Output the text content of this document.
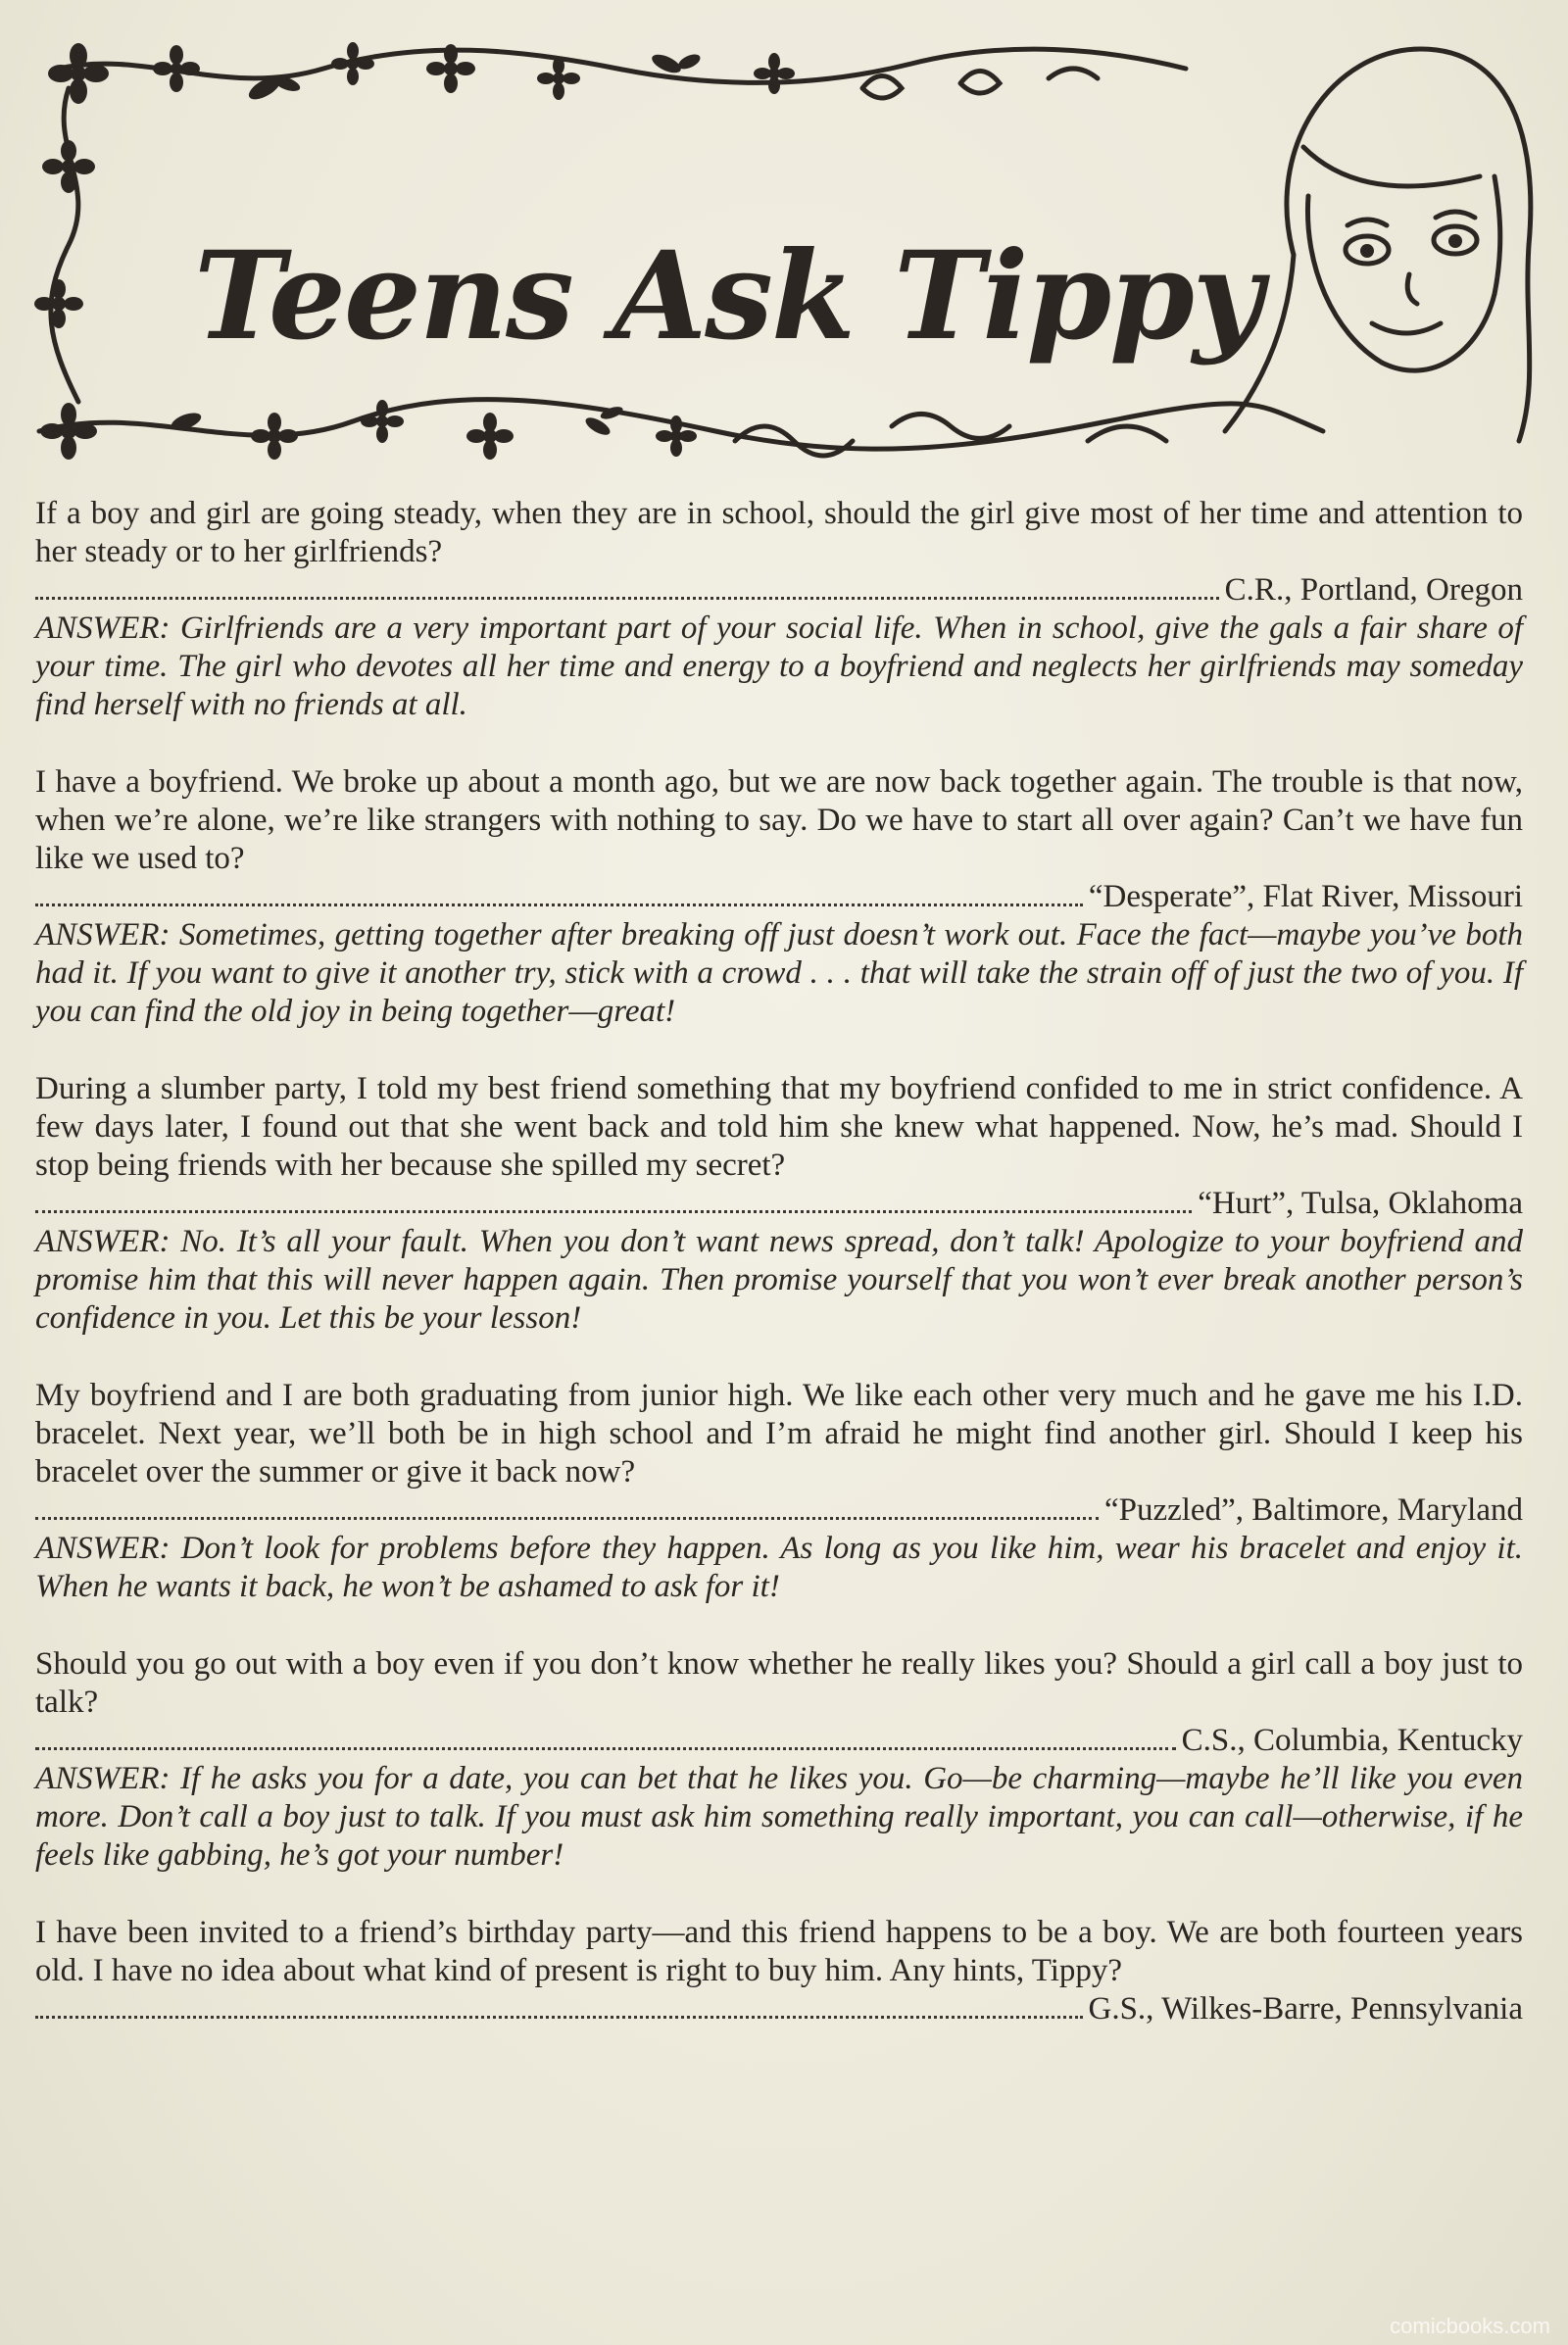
Teens Ask Tippy

If a boy and girl are going steady, when they are in school, should the girl give most of her time and attention to her steady or to her girlfriends?

C.R., Portland, Oregon

ANSWER: Girlfriends are a very important part of your social life. When in school, give the gals a fair share of your time. The girl who devotes all her time and energy to a boyfriend and neglects her girlfriends may someday find herself with no friends at all.

I have a boyfriend. We broke up about a month ago, but we are now back together again. The trouble is that now, when we’re alone, we’re like strangers with nothing to say. Do we have to start all over again? Can’t we have fun like we used to?

“Desperate”, Flat River, Missouri

ANSWER: Sometimes, getting together after breaking off just doesn’t work out. Face the fact—maybe you’ve both had it. If you want to give it another try, stick with a crowd . . . that will take the strain off of just the two of you. If you can find the old joy in being together—great!

During a slumber party, I told my best friend something that my boyfriend confided to me in strict confidence. A few days later, I found out that she went back and told him she knew what happened. Now, he’s mad. Should I stop being friends with her because she spilled my secret?

“Hurt”, Tulsa, Oklahoma

ANSWER: No. It’s all your fault. When you don’t want news spread, don’t talk! Apologize to your boyfriend and promise him that this will never happen again. Then promise yourself that you won’t ever break another person’s confidence in you. Let this be your lesson!

My boyfriend and I are both graduating from junior high. We like each other very much and he gave me his I.D. bracelet. Next year, we’ll both be in high school and I’m afraid he might find another girl. Should I keep his bracelet over the summer or give it back now?

“Puzzled”, Baltimore, Maryland

ANSWER: Don’t look for problems before they happen. As long as you like him, wear his bracelet and enjoy it. When he wants it back, he won’t be ashamed to ask for it!

Should you go out with a boy even if you don’t know whether he really likes you? Should a girl call a boy just to talk?

C.S., Columbia, Kentucky

ANSWER: If he asks you for a date, you can bet that he likes you. Go—be charming—maybe he’ll like you even more. Don’t call a boy just to talk. If you must ask him something really important, you can call—otherwise, if he feels like gabbing, he’s got your number!

I have been invited to a friend’s birthday party—and this friend happens to be a boy. We are both fourteen years old. I have no idea about what kind of present is right to buy him. Any hints, Tippy?

G.S., Wilkes-Barre, Pennsylvania

comicbooks.com
